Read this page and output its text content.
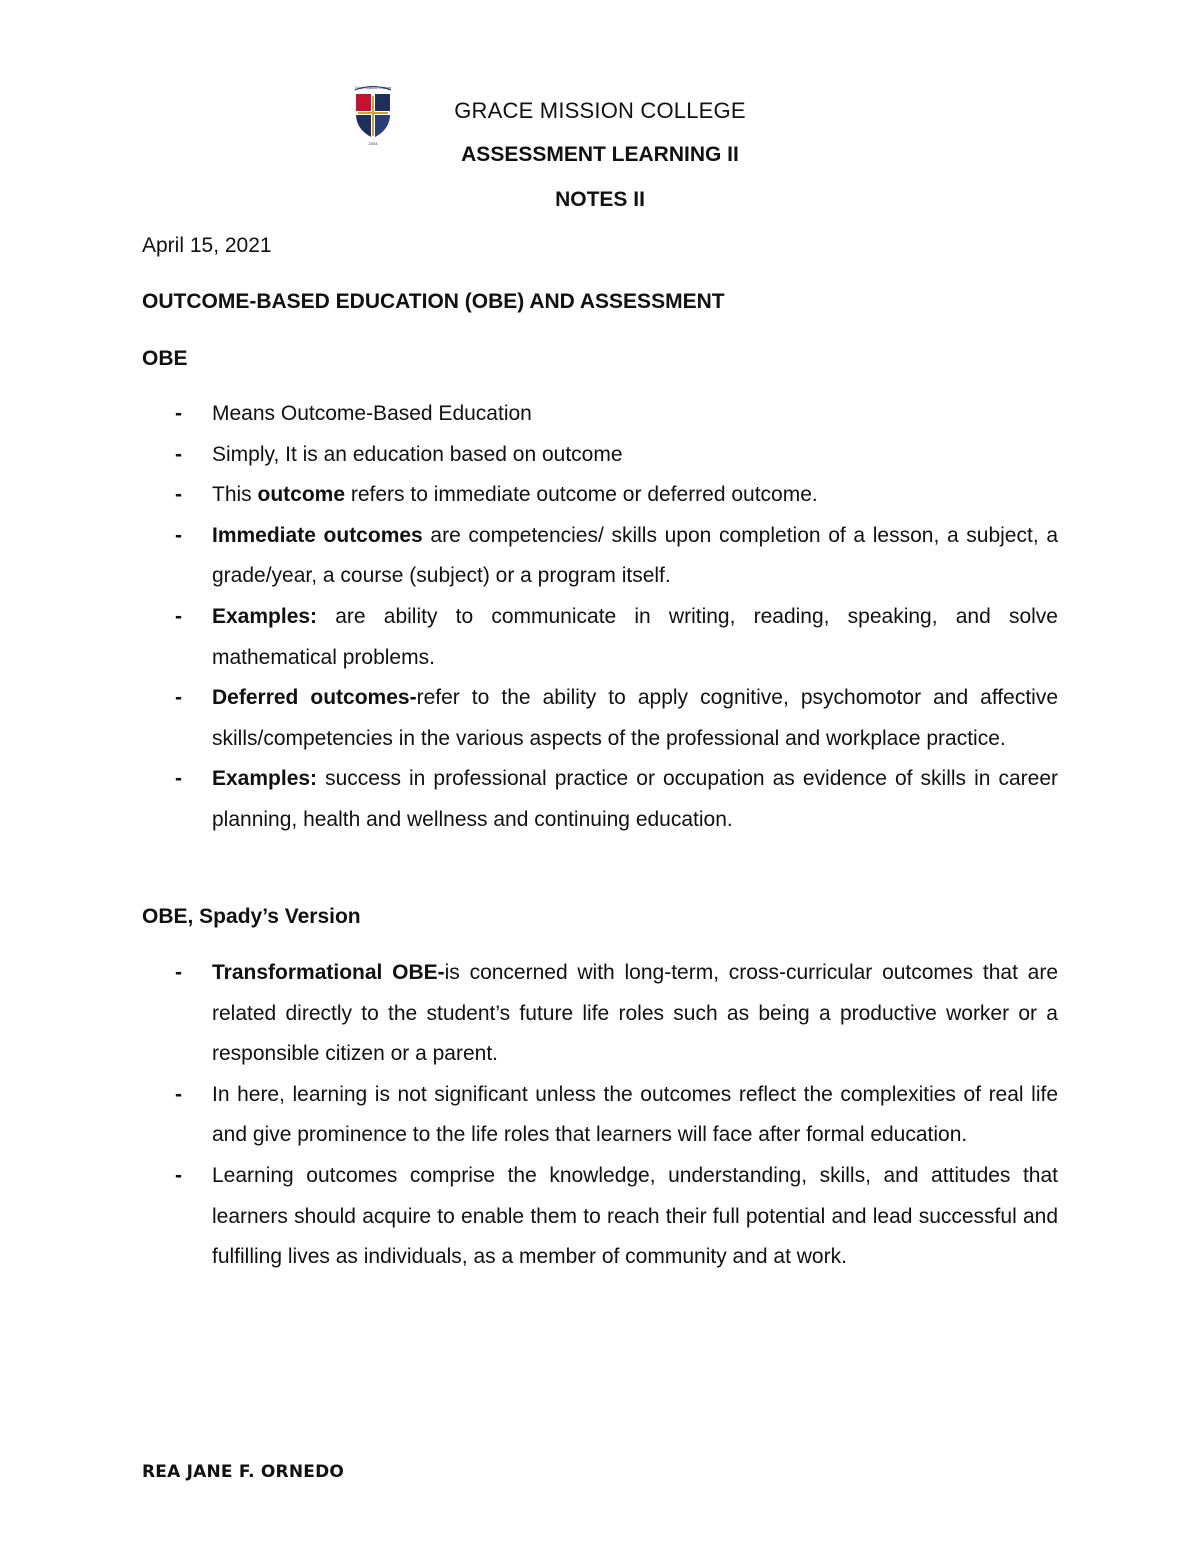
Grace Mission College
2004
GRACE MISSION COLLEGE
ASSESSMENT LEARNING II
NOTES II
April 15, 2021
OUTCOME-BASED EDUCATION (OBE) AND ASSESSMENT
OBE
- Means Outcome-Based Education
- Simply, It is an education based on outcome
- This outcome refers to immediate outcome or deferred outcome.
- Immediate outcomes are competencies/ skills upon completion of a lesson, a subject, a grade/year, a course (subject) or a program itself.
- Examples: are ability to communicate in writing, reading, speaking, and solve mathematical problems.
- Deferred outcomes-refer to the ability to apply cognitive, psychomotor and affective skills/competencies in the various aspects of the professional and workplace practice.
- Examples: success in professional practice or occupation as evidence of skills in career planning, health and wellness and continuing education.
OBE, Spady’s Version
- Transformational OBE-is concerned with long-term, cross-curricular outcomes that are related directly to the student’s future life roles such as being a productive worker or a responsible citizen or a parent.
- In here, learning is not significant unless the outcomes reflect the complexities of real life and give prominence to the life roles that learners will face after formal education.
- Learning outcomes comprise the knowledge, understanding, skills, and attitudes that learners should acquire to enable them to reach their full potential and lead successful and fulfilling lives as individuals, as a member of community and at work.
REA JANE F. ORNEDO
